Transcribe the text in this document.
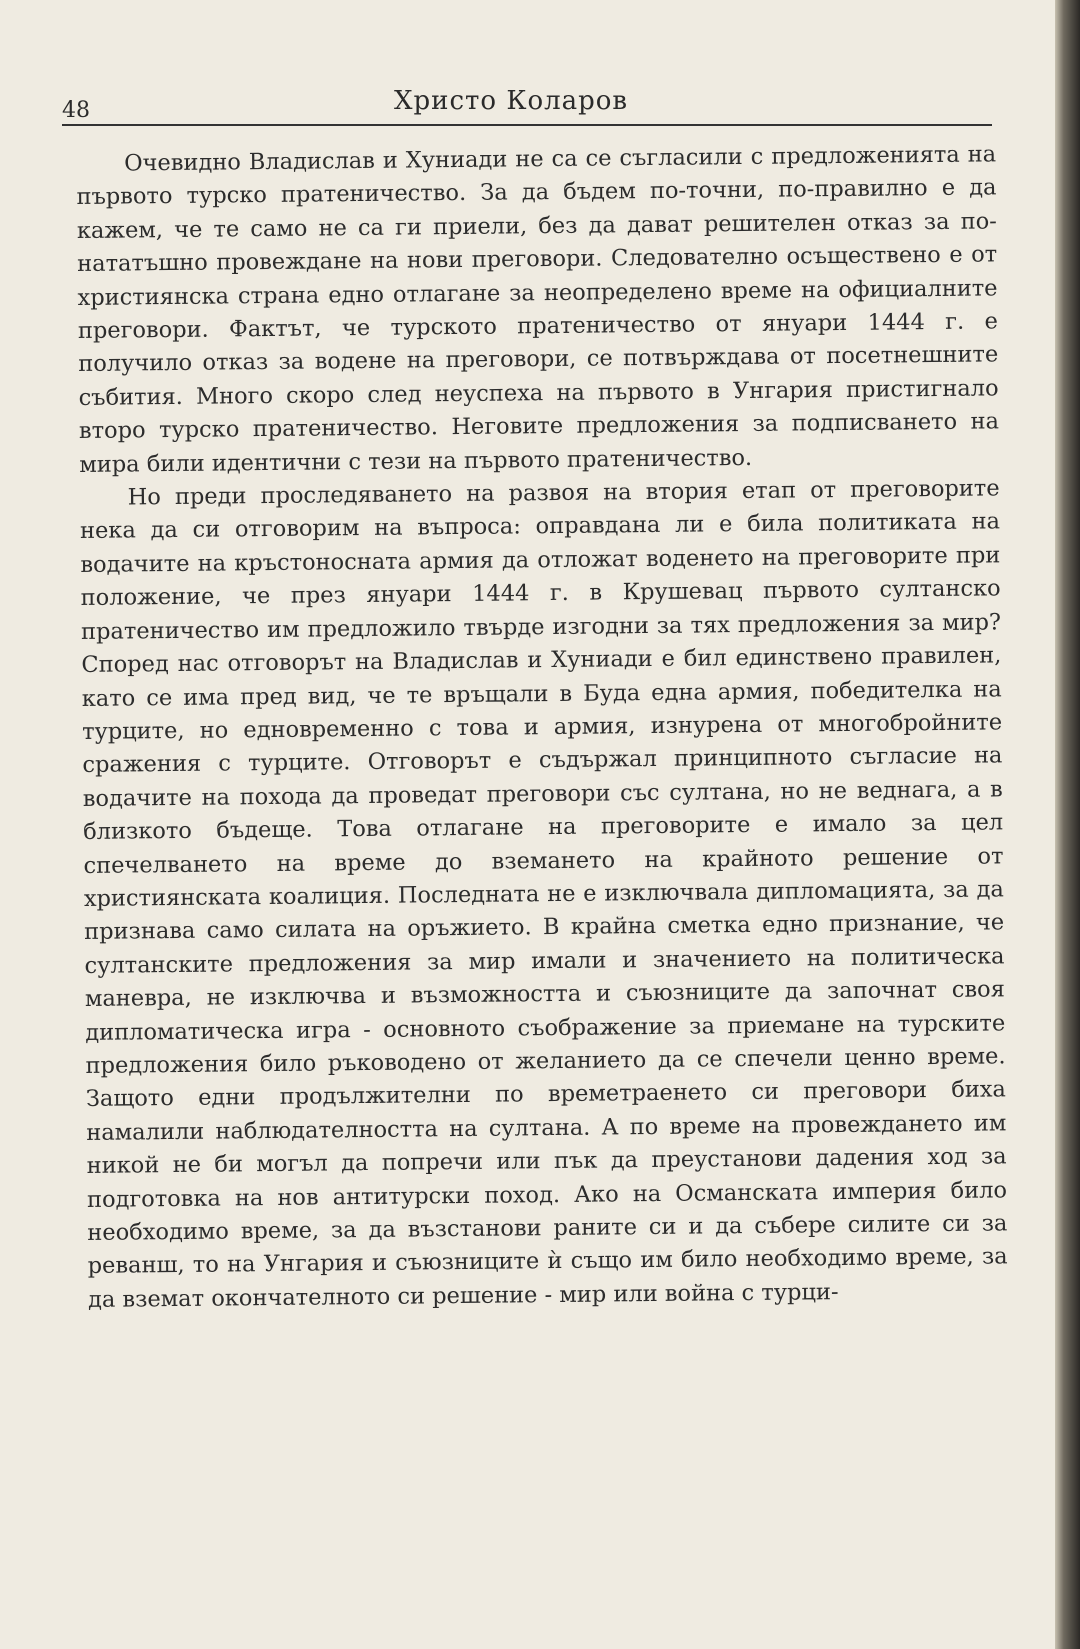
48	Христо Коларов

Очевидно Владислав и Хуниади не са се съгласили с предложенията на първото турско пратеничество. За да бъдем по-точни, по-правилно е да кажем, че те само не са ги приели, без да дават решителен отказ за по-нататъшно провеждане на нови преговори. Следователно осъществено е от християнска страна едно отлагане за неопределено време на официалните преговори. Фактът, че турското пратеничество от януари 1444 г. е получило отказ за водене на преговори, се потвърждава от посетнешните събития. Много скоро след неуспеха на първото в Унгария пристигнало второ турско пратеничество. Неговите предложения за подписването на мира били идентични с тези на първото пратеничество.

Но преди проследяването на развоя на втория етап от преговорите нека да си отговорим на въпроса: оправдана ли е била политиката на водачите на кръстоносната армия да отложат воденето на преговорите при положение, че през януари 1444 г. в Крушевац първото султанско пратеничество им предложило твърде изгодни за тях предложения за мир? Според нас отговорът на Владислав и Хуниади е бил единствено правилен, като се има пред вид, че те връщали в Буда една армия, победителка на турците, но едновременно с това и армия, изнурена от многобройните сражения с турците. Отговорът е съдържал принципното съгласие на водачите на похода да проведат преговори със султана, но не веднага, а в близкото бъдеще. Това отлагане на преговорите е имало за цел спечелването на време до вземането на крайното решение от християнската коалиция. Последната не е изключвала дипломацията, за да признава само силата на оръжието. В крайна сметка едно признание, че султанските предложения за мир имали и значението на политическа маневра, не изключва и възможността и съюзниците да започнат своя дипломатическа игра - основното съображение за приемане на турските предложения било ръководено от желанието да се спечели ценно време. Защото едни продължителни по времетраенето си преговори биха намалили наблюдателността на султана. А по време на провеждането им никой не би могъл да попречи или пък да преустанови дадения ход за подготовка на нов антитурски поход. Ако на Османската империя било необходимо време, за да възстанови раните си и да събере силите си за реванш, то на Унгария и съюзниците ѝ също им било необходимо време, за да вземат окончателното си решение - мир или война с турци-
